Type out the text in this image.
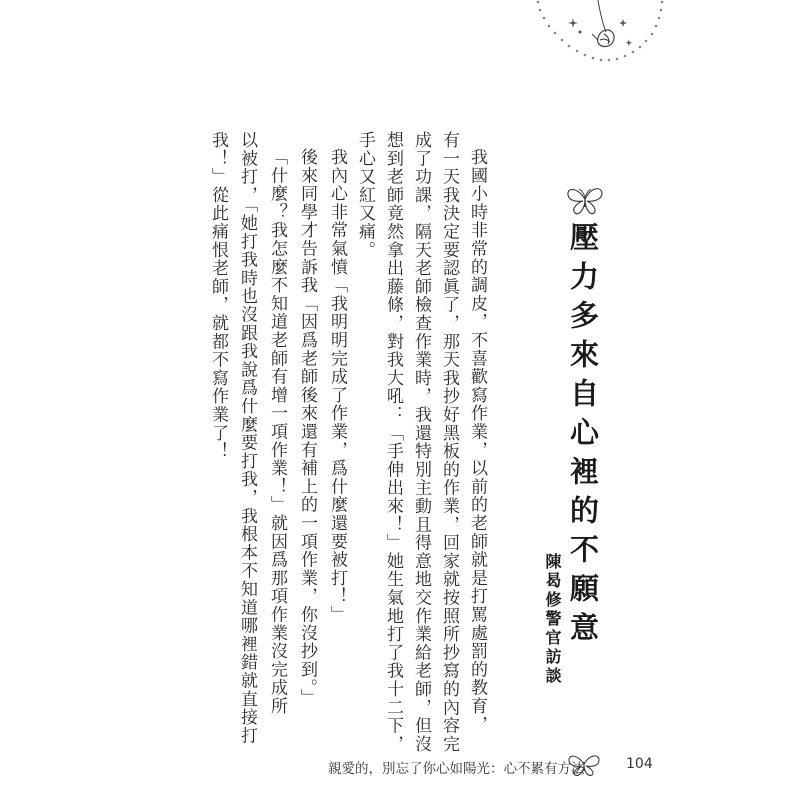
壓力多來自心裡的不願意
陳曷修警官訪談
我國小時非常的調皮，不喜歡寫作業，以前的老師就是打罵處罰的教育，
有一天我決定要認眞了，那天我抄好黑板的作業，回家就按照所抄寫的內容完
成了功課，隔天老師檢查作業時，我還特別主動且得意地交作業給老師，但沒
想到老師竟然拿出藤條，對我大吼：「手伸出來！」她生氣地打了我十二下，
手心又紅又痛。
我內心非常氣憤「我明明完成了作業，爲什麼還要被打！」
後來同學才告訴我「因爲老師後來還有補上的一項作業，你沒抄到。」
「什麼？我怎麼不知道老師有增一項作業！」就因爲那項作業沒完成所
以被打，「她打我時也沒跟我說爲什麼要打我，我根本不知道哪裡錯就直接打
我！」從此痛恨老師，就都不寫作業了！
親愛的，別忘了你心如陽光：心不累有方法	104
